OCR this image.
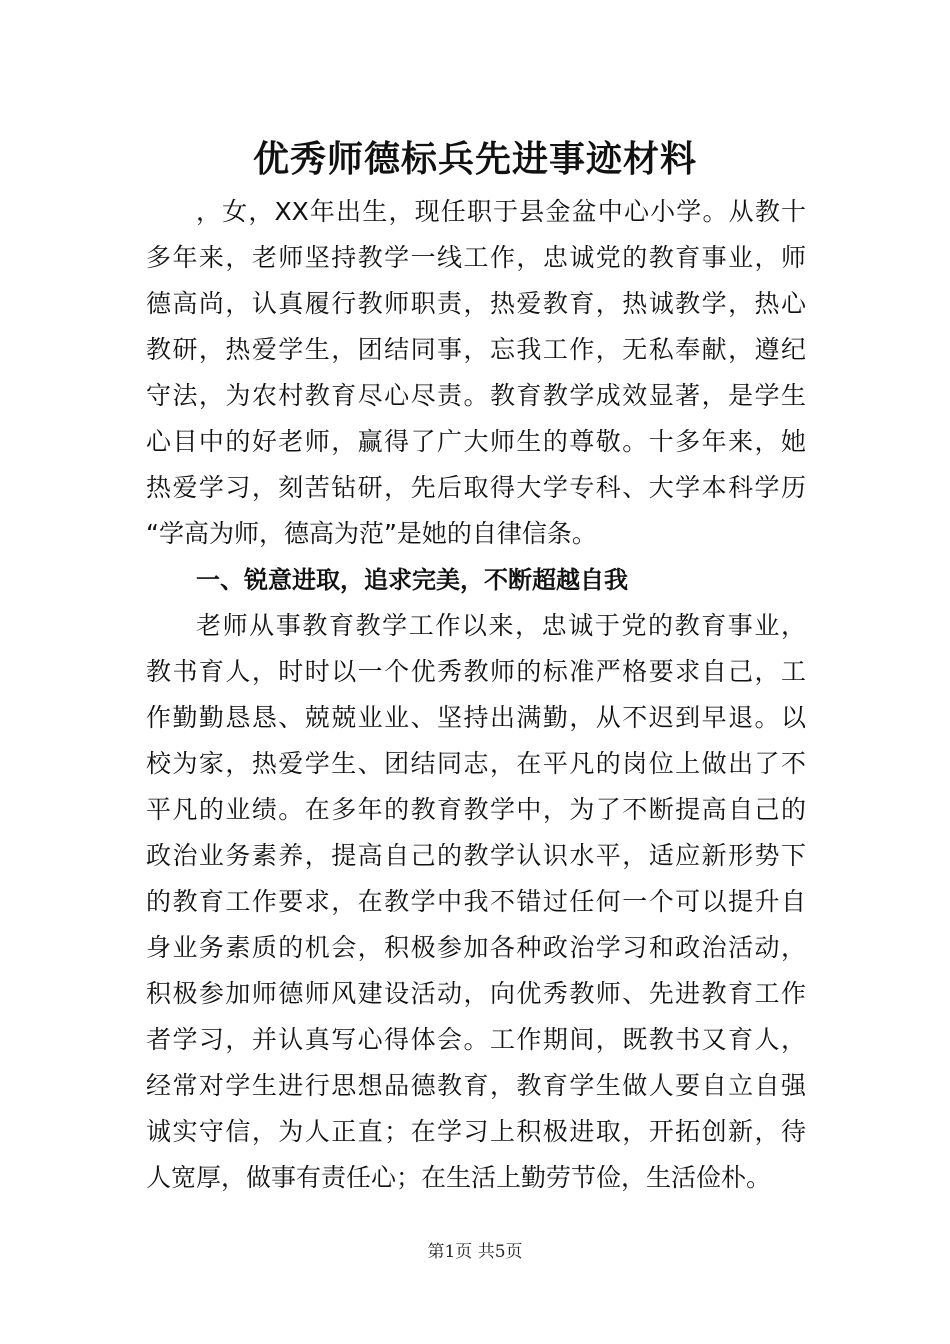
优秀师德标兵先进事迹材料
，女，XX年出生，现任职于县金盆中心小学。从教十
多年来，老师坚持教学一线工作，忠诚党的教育事业，师
德高尚，认真履行教师职责，热爱教育，热诚教学，热心
教研，热爱学生，团结同事，忘我工作，无私奉献，遵纪
守法，为农村教育尽心尽责。教育教学成效显著，是学生
心目中的好老师，赢得了广大师生的尊敬。十多年来，她
热爱学习，刻苦钻研，先后取得大学专科、大学本科学历
“学高为师，德高为范”是她的自律信条。
一、锐意进取，追求完美，不断超越自我
老师从事教育教学工作以来，忠诚于党的教育事业，
教书育人，时时以一个优秀教师的标准严格要求自己，工
作勤勤恳恳、兢兢业业、坚持出满勤，从不迟到早退。以
校为家，热爱学生、团结同志，在平凡的岗位上做出了不
平凡的业绩。在多年的教育教学中，为了不断提高自己的
政治业务素养，提高自己的教学认识水平，适应新形势下
的教育工作要求，在教学中我不错过任何一个可以提升自
身业务素质的机会，积极参加各种政治学习和政治活动，
积极参加师德师风建设活动，向优秀教师、先进教育工作
者学习，并认真写心得体会。工作期间，既教书又育人，
经常对学生进行思想品德教育，教育学生做人要自立自强
诚实守信，为人正直；在学习上积极进取，开拓创新，待
人宽厚，做事有责任心；在生活上勤劳节俭，生活俭朴。
第1页 共5页
